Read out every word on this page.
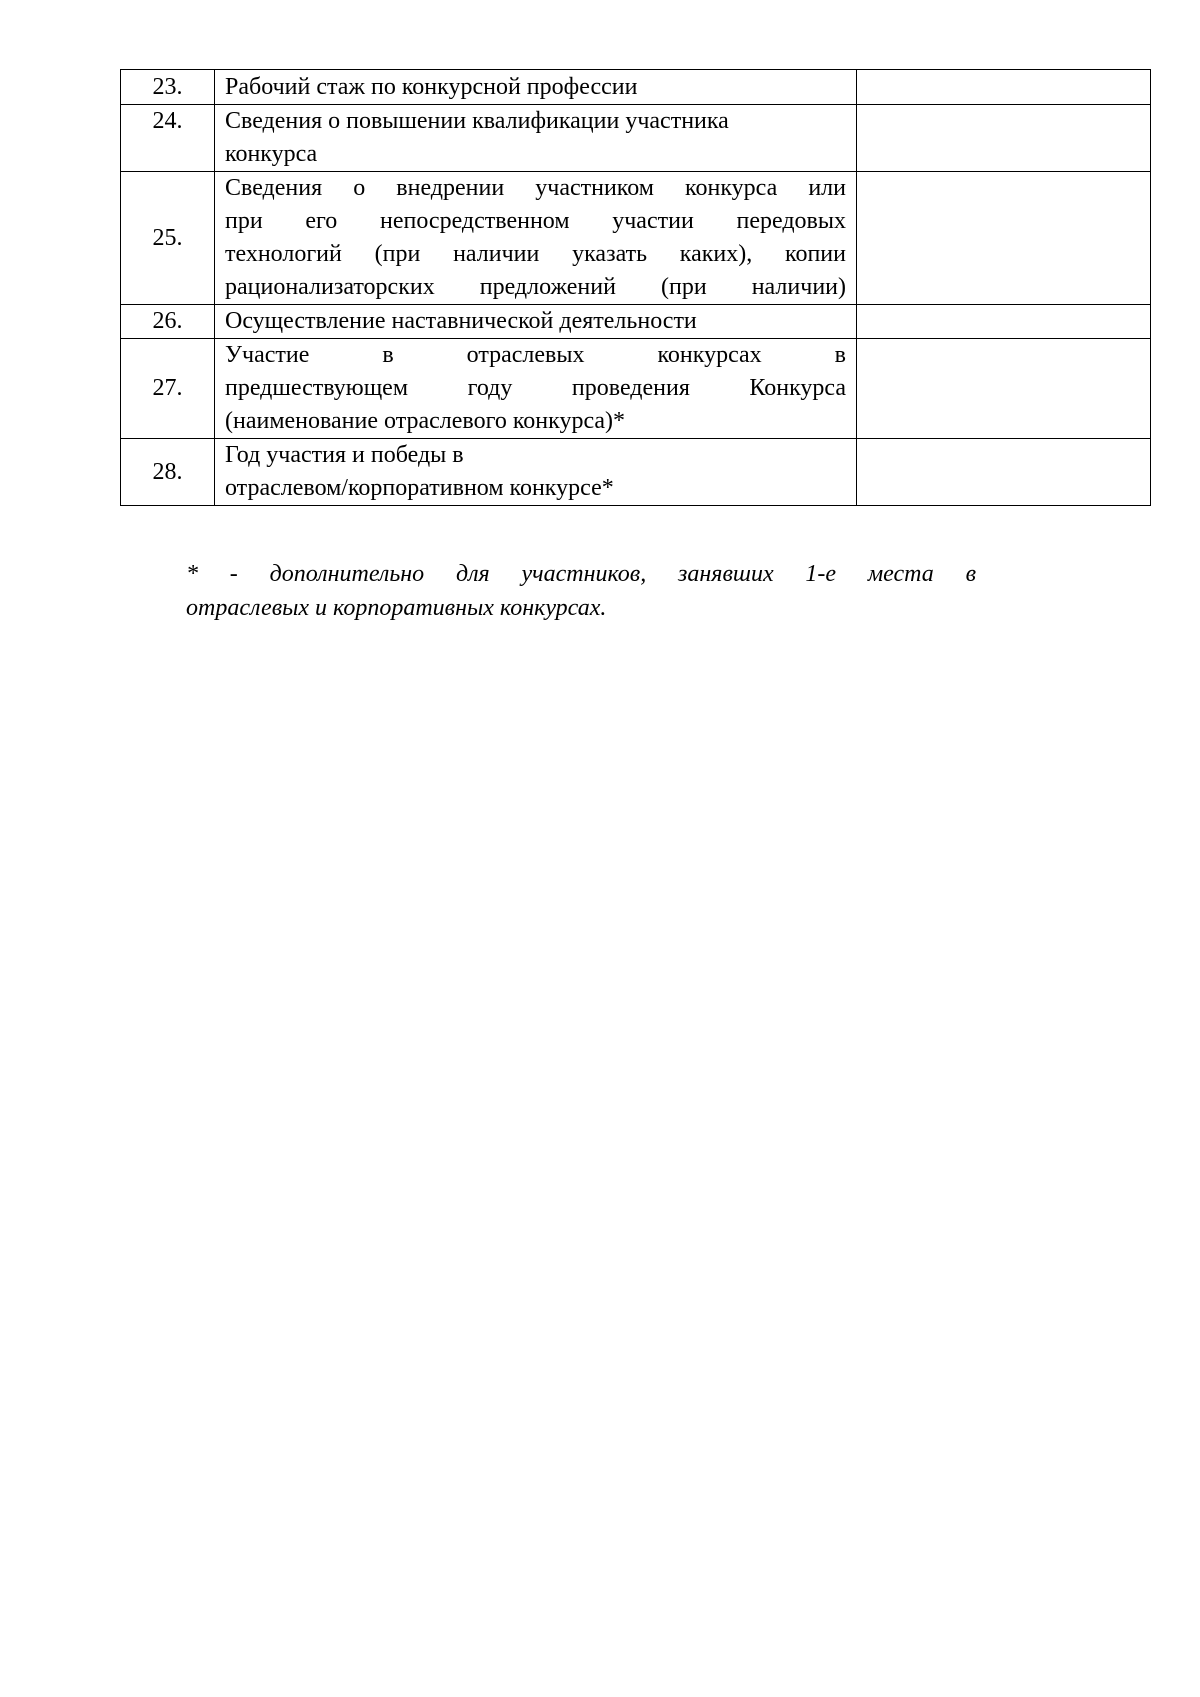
23.	Рабочий стаж по конкурсной профессии	

24.	Сведения о повышении квалификации участника
конкурса	

25.	Сведения о внедрении участником конкурса или
при его непосредственном участии передовых
технологий (при наличии указать каких), копии
рационализаторских предложений (при наличии)	

26.	Осуществление наставнической деятельности	

27.	Участие в отраслевых конкурсах в
предшествующем году проведения Конкурса
(наименование отраслевого конкурса)*	

28.	Год участия и победы в
отраслевом/корпоративном конкурсе*	

* - дополнительно для участников, занявших 1-е места в
отраслевых и корпоративных конкурсах.
